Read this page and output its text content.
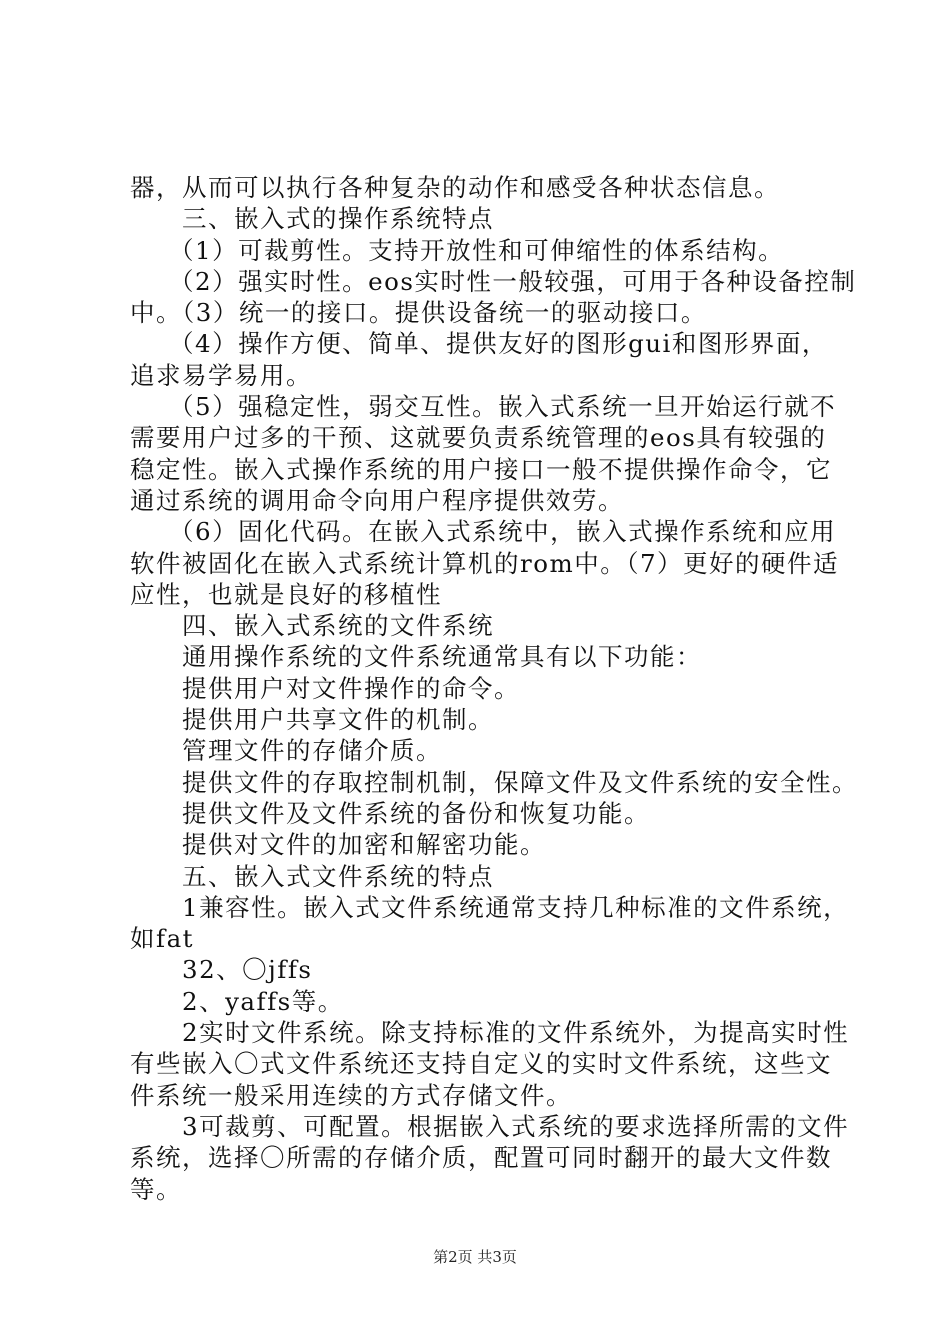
器，从而可以执行各种复杂的动作和感受各种状态信息。

三、嵌入式的操作系统特点

（1）可裁剪性。支持开放性和可伸缩性的体系结构。

（2）强实时性。eos实时性一般较强，可用于各种设备控制

中。（3）统一的接口。提供设备统一的驱动接口。

（4）操作方便、简单、提供友好的图形gui和图形界面，

追求易学易用。

（5）强稳定性，弱交互性。嵌入式系统一旦开始运行就不

需要用户过多的干预、这就要负责系统管理的eos具有较强的

稳定性。嵌入式操作系统的用户接口一般不提供操作命令，它

通过系统的调用命令向用户程序提供效劳。

（6）固化代码。在嵌入式系统中，嵌入式操作系统和应用

软件被固化在嵌入式系统计算机的rom中。（7）更好的硬件适

应性，也就是良好的移植性

四、嵌入式系统的文件系统

通用操作系统的文件系统通常具有以下功能：

提供用户对文件操作的命令。

提供用户共享文件的机制。

管理文件的存储介质。

提供文件的存取控制机制，保障文件及文件系统的安全性。

提供文件及文件系统的备份和恢复功能。

提供对文件的加密和解密功能。

五、嵌入式文件系统的特点

1兼容性。嵌入式文件系统通常支持几种标准的文件系统，

如fat

32、〇jffs

2、yaffs等。

2实时文件系统。除支持标准的文件系统外，为提高实时性

有些嵌入〇式文件系统还支持自定义的实时文件系统，这些文

件系统一般采用连续的方式存储文件。

3可裁剪、可配置。根据嵌入式系统的要求选择所需的文件

系统，选择〇所需的存储介质，配置可同时翻开的最大文件数

等。

第2页 共3页
